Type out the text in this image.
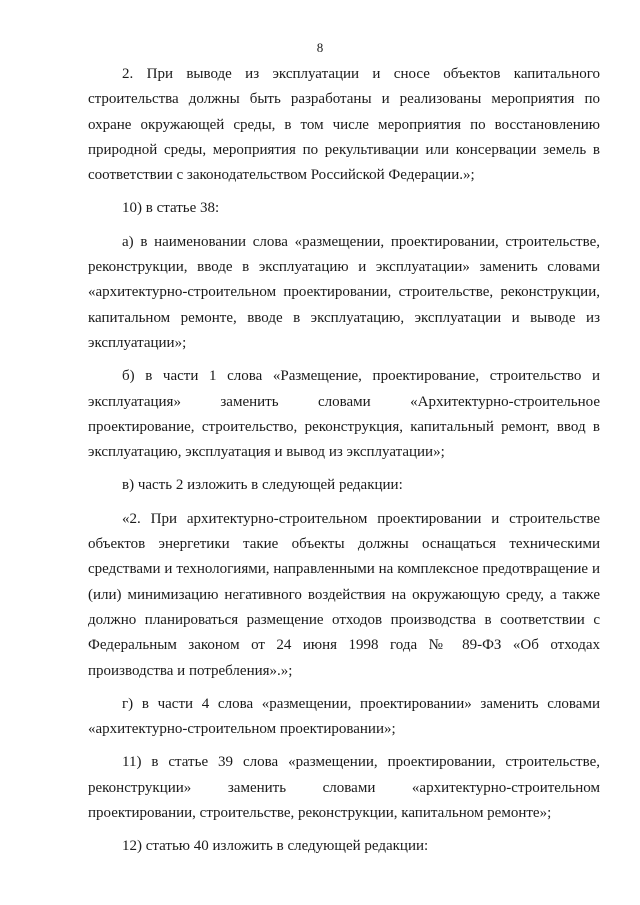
8

2. При выводе из эксплуатации и сносе объектов капитального строительства должны быть разработаны и реализованы мероприятия по охране окружающей среды, в том числе мероприятия по восстановлению природной среды, мероприятия по рекультивации или консервации земель в соответствии с законодательством Российской Федерации.»;

10) в статье 38:

а) в наименовании слова «размещении, проектировании, строительстве, реконструкции, вводе в эксплуатацию и эксплуатации» заменить словами «архитектурно-строительном проектировании, строительстве, реконструкции, капитальном ремонте, вводе в эксплуатацию, эксплуатации и выводе из эксплуатации»;

б) в части 1 слова «Размещение, проектирование, строительство и эксплуатация» заменить словами «Архитектурно-строительное проектирование, строительство, реконструкция, капитальный ремонт, ввод в эксплуатацию, эксплуатация и вывод из эксплуатации»;

в) часть 2 изложить в следующей редакции:

«2. При архитектурно-строительном проектировании и строительстве объектов энергетики такие объекты должны оснащаться техническими средствами и технологиями, направленными на комплексное предотвращение и (или) минимизацию негативного воздействия на окружающую среду, а также должно планироваться размещение отходов производства в соответствии с Федеральным законом от 24 июня 1998 года № 89-ФЗ «Об отходах производства и потребления».»;

г) в части 4 слова «размещении, проектировании» заменить словами «архитектурно-строительном проектировании»;

11) в статье 39 слова «размещении, проектировании, строительстве, реконструкции» заменить словами «архитектурно-строительном проектировании, строительстве, реконструкции, капитальном ремонте»;

12) статью 40 изложить в следующей редакции:
